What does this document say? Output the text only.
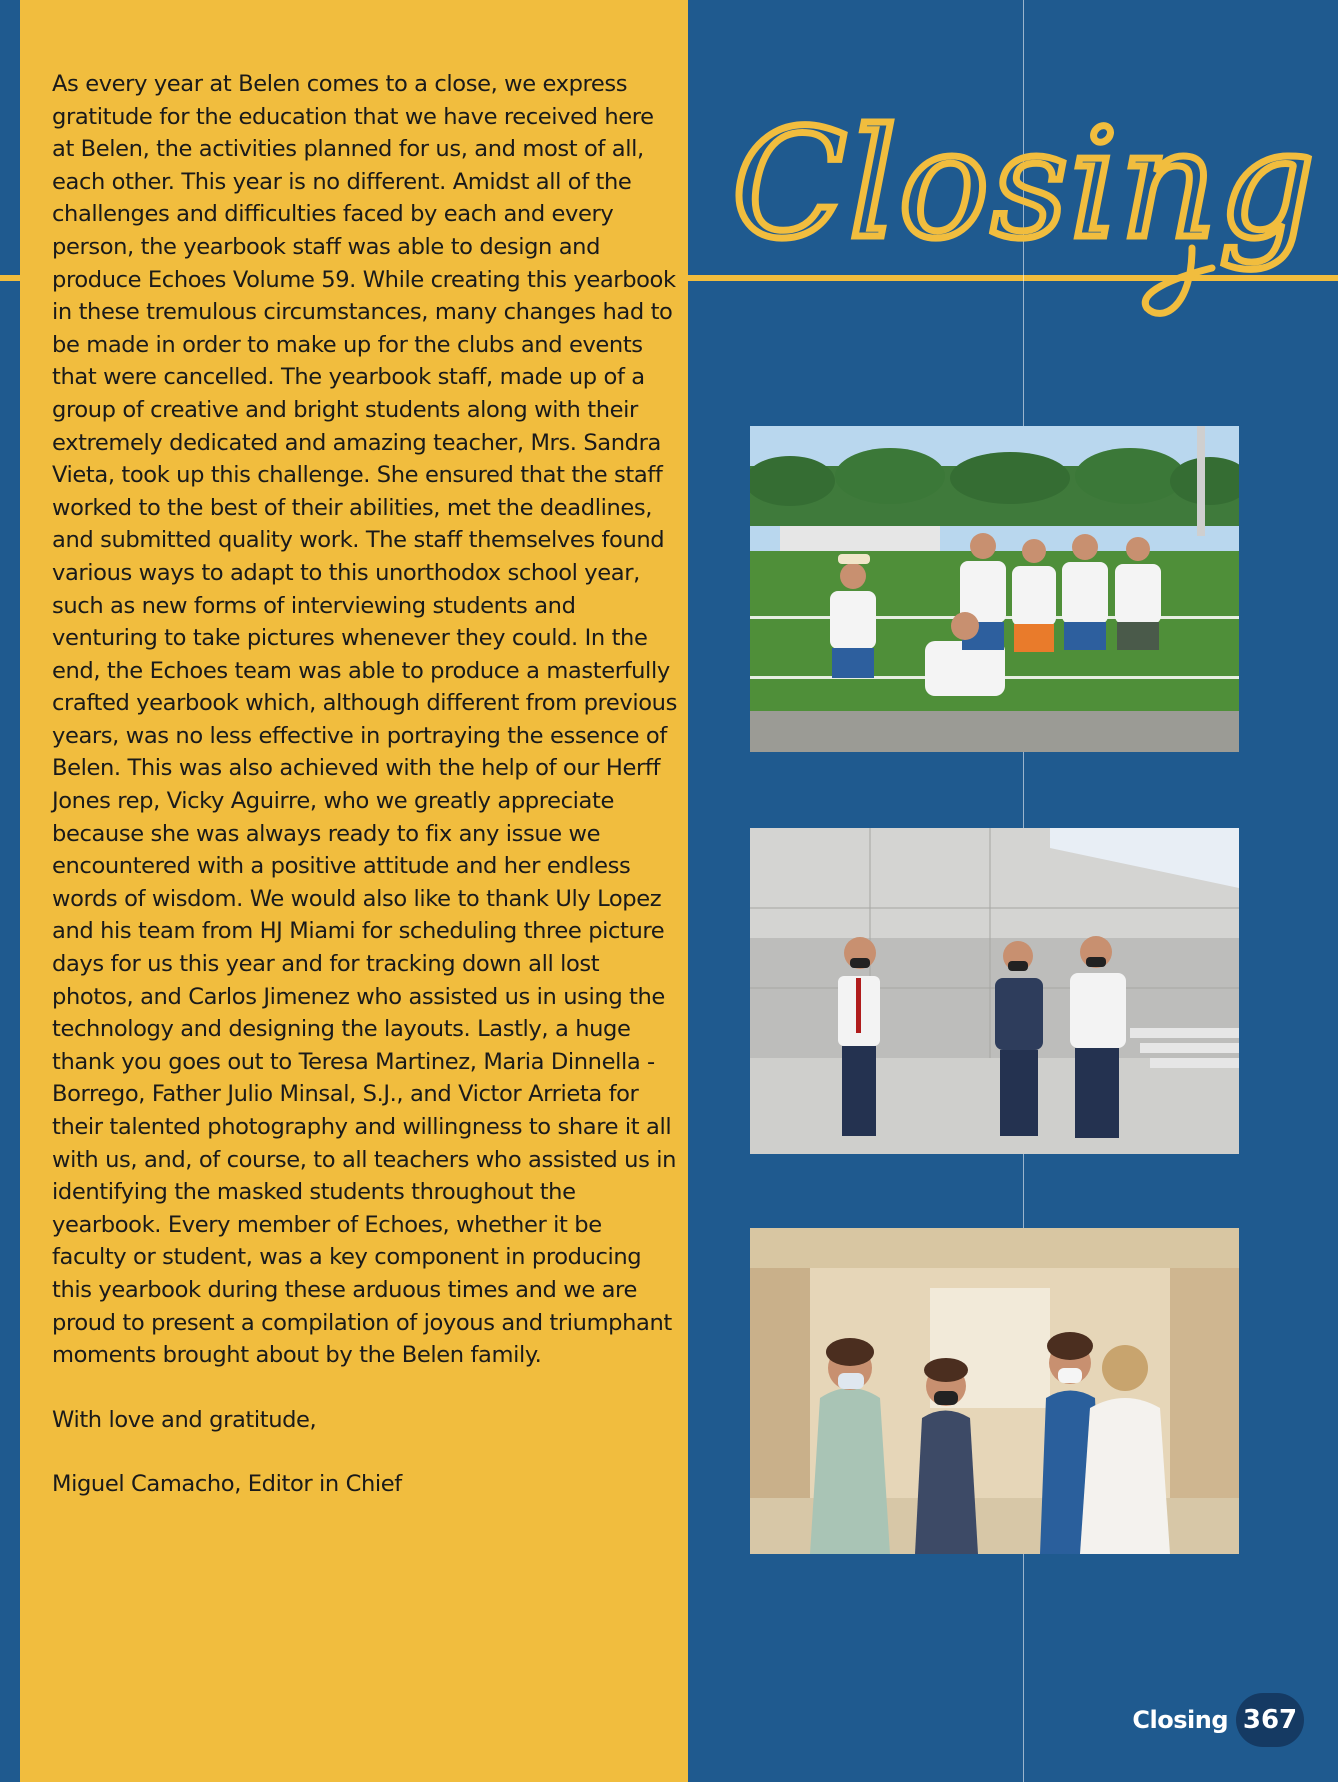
As every year at Belen comes to a close, we express gratitude for the education that we have received here at Belen, the activities planned for us, and most of all, each other. This year is no different. Amidst all of the challenges and difficulties faced by each and every person, the yearbook staff was able to design and produce Echoes Volume 59. While creating this yearbook in these tremulous circumstances, many changes had to be made in order to make up for the clubs and events that were cancelled. The yearbook staff, made up of a group of creative and bright students along with their extremely dedicated and amazing teacher, Mrs. Sandra Vieta, took up this challenge. She ensured that the staff worked to the best of their abilities, met the deadlines, and submitted quality work. The staff themselves found various ways to adapt to this unorthodox school year, such as new forms of interviewing students and venturing to take pictures whenever they could. In the end, the Echoes team was able to produce a masterfully crafted yearbook which, although different from previous years, was no less effective in portraying the essence of Belen. This was also achieved with the help of our Herff Jones rep, Vicky Aguirre, who we greatly appreciate because she was always ready to fix any issue we encountered with a positive attitude and her endless words of wisdom. We would also like to thank Uly Lopez and his team from HJ Miami for scheduling three picture days for us this year and for tracking down all lost photos, and Carlos Jimenez who assisted us in using the technology and designing the layouts. Lastly, a huge thank you goes out to Teresa Martinez, Maria Dinnella - Borrego, Father Julio Minsal, S.J., and Victor Arrieta for their talented photography and willingness to share it all with us, and, of course, to all teachers who assisted us in identifying the masked students throughout the yearbook. Every member of Echoes, whether it be faculty or student, was a key component in producing this yearbook during these arduous times and we are proud to present a compilation of joyous and triumphant moments brought about by the Belen family.

With love and gratitude,

Miguel Camacho, Editor in Chief

Closing
Closing 367
